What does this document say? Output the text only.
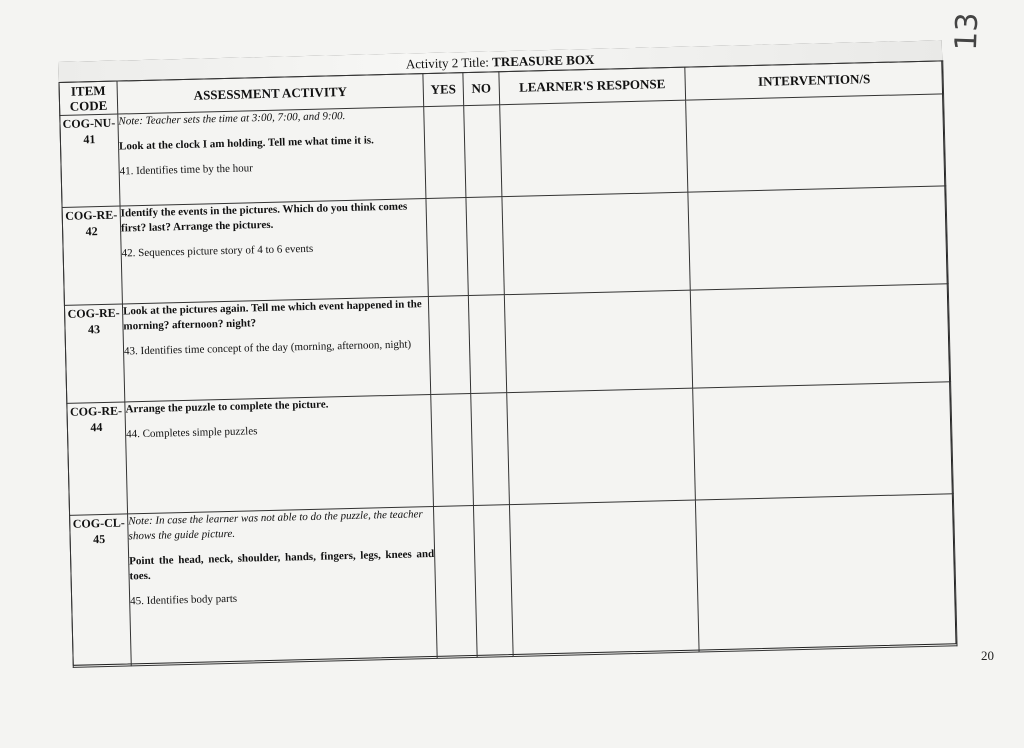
13
Activity 2 Title: TREASURE BOX
ITEM CODE	ASSESSMENT ACTIVITY	YES	NO	LEARNER'S RESPONSE	INTERVENTION/S
COG-NU-41	Note: Teacher sets the time at 3:00, 7:00, and 9:00.
Look at the clock I am holding. Tell me what time it is.
41. Identifies time by the hour				

COG-RE-42	Identify the events in the pictures. Which do you think comes first? last? Arrange the pictures.
42. Sequences picture story of 4 to 6 events				

COG-RE-43	Look at the pictures again. Tell me which event happened in the morning? afternoon? night?
43. Identifies time concept of the day (morning, afternoon, night)				

COG-RE-44	Arrange the puzzle to complete the picture.
44. Completes simple puzzles				

COG-CL-45	Note: In case the learner was not able to do the puzzle, the teacher shows the guide picture.
Point the head, neck, shoulder, hands, fingers, legs, knees and toes.
45. Identifies body parts				

20
